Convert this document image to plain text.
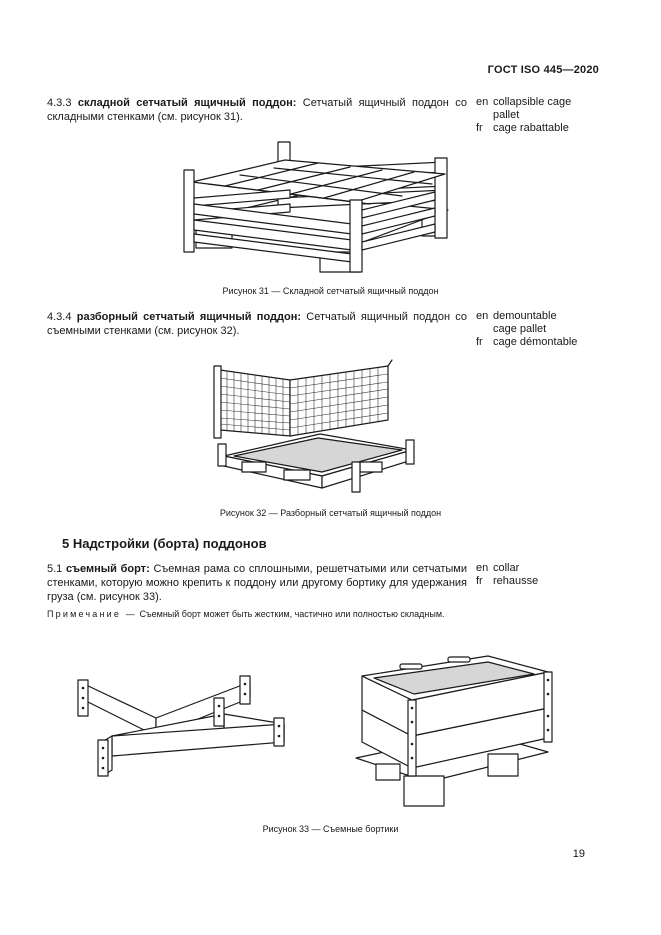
ГОСТ ISO 445—2020
4.3.3 складной сетчатый ящичный поддон: Сетчатый ящичный поддон со складными стенками (см. рисунок 31).
en collapsible cage
pallet
fr cage rabattable
Рисунок 31 — Складной сетчатый ящичный поддон
4.3.4 разборный сетчатый ящичный поддон: Сетчатый ящичный поддон со съемными стенками (см. рисунок 32).
en demountable
cage pallet
fr cage démontable
Рисунок 32 — Разборный сетчатый ящичный поддон
5 Надстройки (борта) поддонов
5.1 съемный борт: Съемная рама со сплошными, решетчатыми или сетчатыми стенками, которую можно крепить к поддону или другому бортику для удержания груза (см. рисунок 33).
en collar
fr rehausse
Примечание — Съемный борт может быть жестким, частично или полностью складным.
Рисунок 33 — Съемные бортики
19
